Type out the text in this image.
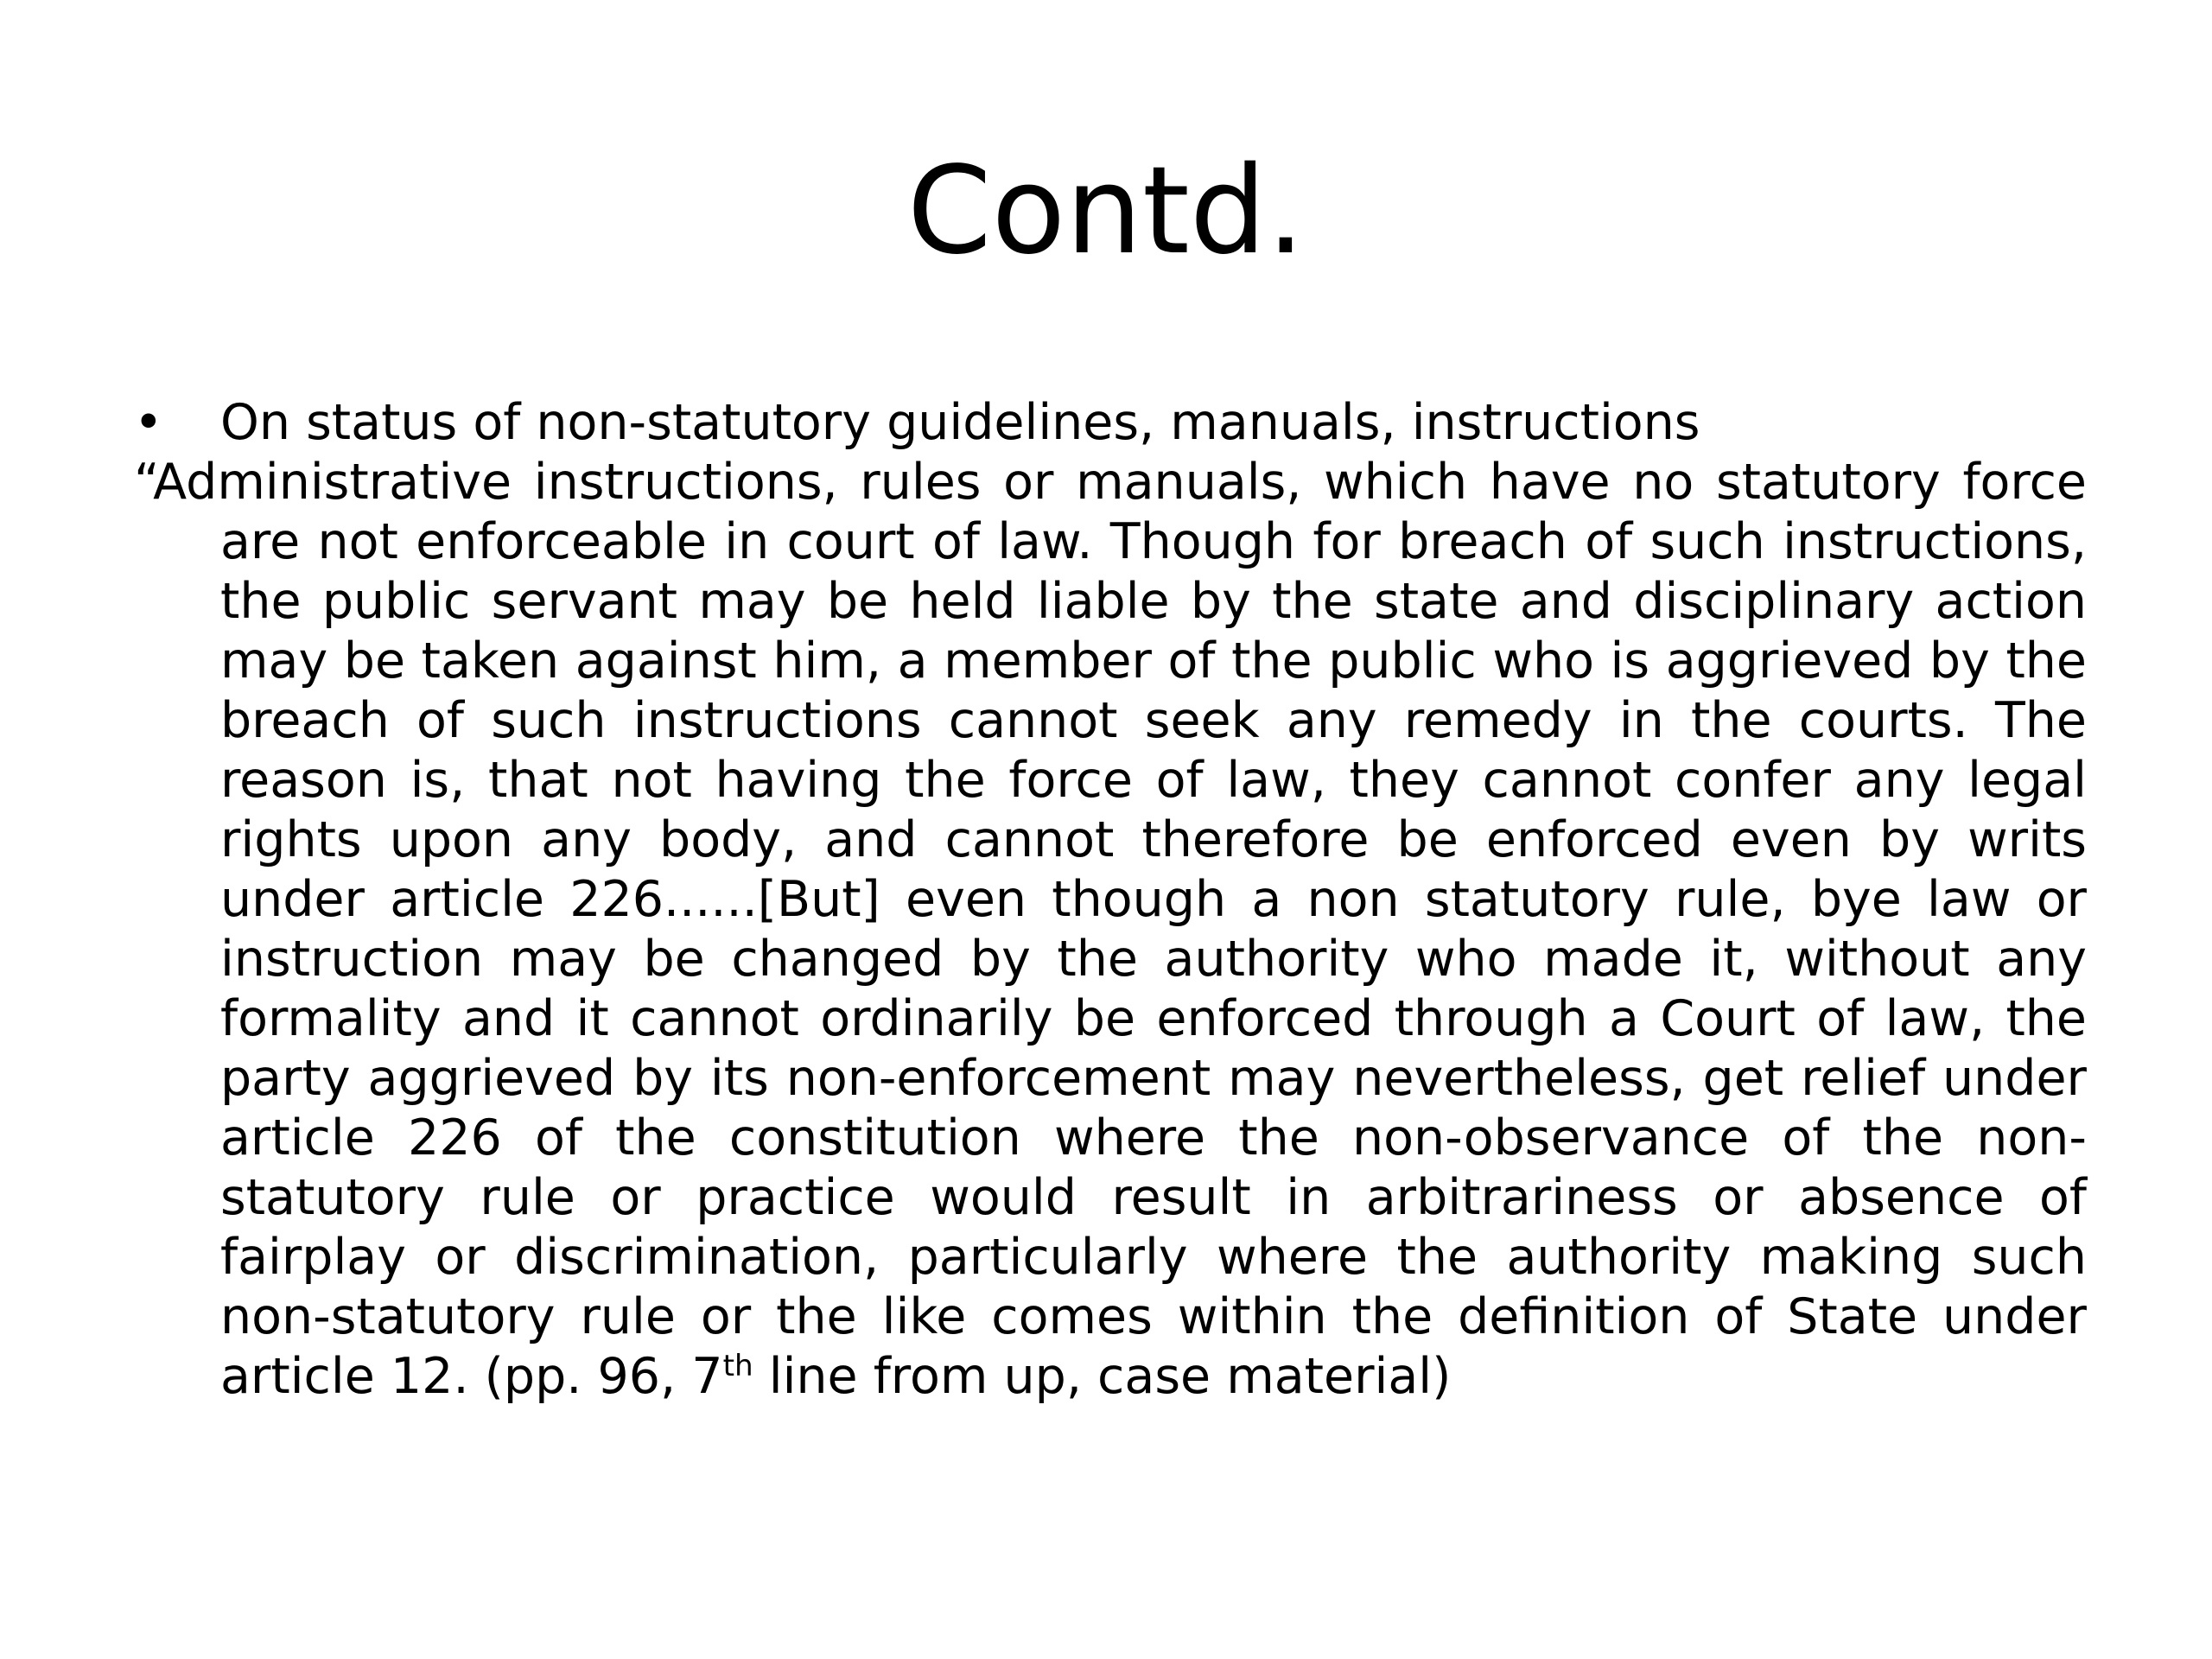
Contd.

• On status of non-statutory guidelines, manuals, instructions

“Administrative instructions, rules or manuals, which have no statutory force are not enforceable in court of law. Though for breach of such instructions, the public servant may be held liable by the state and disciplinary action may be taken against him, a member of the public who is aggrieved by the breach of such instructions cannot seek any remedy in the courts. The reason is, that not having the force of law, they cannot confer any legal rights upon any body, and cannot therefore be enforced even by writs under article 226......[But] even though a non statutory rule, bye law or instruction may be changed by the authority who made it, without any formality and it cannot ordinarily be enforced through a Court of law, the party aggrieved by its non-enforcement may nevertheless, get relief under article 226 of the constitution where the non-observance of the non-statutory rule or practice would result in arbitrariness or absence of fairplay or discrimination, particularly where the authority making such non-statutory rule or the like comes within the definition of State under article 12. (pp. 96, 7th line from up, case material)
